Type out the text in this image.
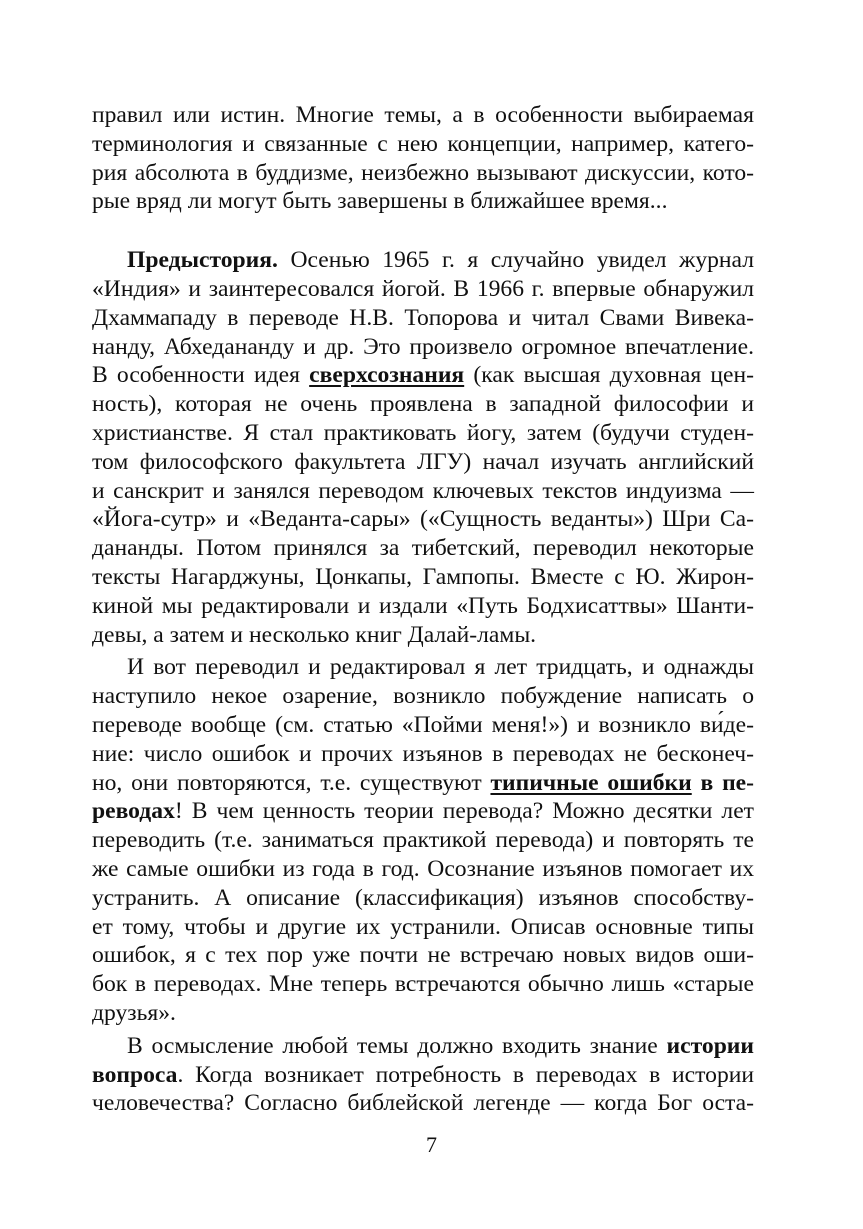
правил или истин. Многие темы, а в особенности выбираемая
терминология и связанные с нею концепции, например, катего-
рия абсолюта в буддизме, неизбежно вызывают дискуссии, кото-
рые вряд ли могут быть завершены в ближайшее время...
Предыстория. Осенью 1965 г. я случайно увидел журнал
«Индия» и заинтересовался йогой. В 1966 г. впервые обнаружил
Дхаммападу в переводе Н.В. Топорова и читал Свами Вивека-
нанду, Абхедананду и др. Это произвело огромное впечатление.
В особенности идея сверхсознания (как высшая духовная цен-
ность), которая не очень проявлена в западной философии и
христианстве. Я стал практиковать йогу, затем (будучи студен-
том философского факультета ЛГУ) начал изучать английский
и санскрит и занялся переводом ключевых текстов индуизма —
«Йога-сутр» и «Веданта-сары» («Сущность веданты») Шри Са-
дананды. Потом принялся за тибетский, переводил некоторые
тексты Нагарджуны, Цонкапы, Гампопы. Вместе с Ю. Жирон-
киной мы редактировали и издали «Путь Бодхисаттвы» Шанти-
девы, а затем и несколько книг Далай-ламы.
И вот переводил и редактировал я лет тридцать, и однажды
наступило некое озарение, возникло побуждение написать о
переводе вообще (см. статью «Пойми меня!») и возникло ви́де-
ние: число ошибок и прочих изъянов в переводах не бесконеч-
но, они повторяются, т.е. существуют типичные ошибки в пе-
реводах! В чем ценность теории перевода? Можно десятки лет
переводить (т.е. заниматься практикой перевода) и повторять те
же самые ошибки из года в год. Осознание изъянов помогает их
устранить. А описание (классификация) изъянов способству-
ет тому, чтобы и другие их устранили. Описав основные типы
ошибок, я с тех пор уже почти не встречаю новых видов оши-
бок в переводах. Мне теперь встречаются обычно лишь «старые
друзья».
В осмысление любой темы должно входить знание истории
вопроса. Когда возникает потребность в переводах в истории
человечества? Согласно библейской легенде — когда Бог оста-
7
